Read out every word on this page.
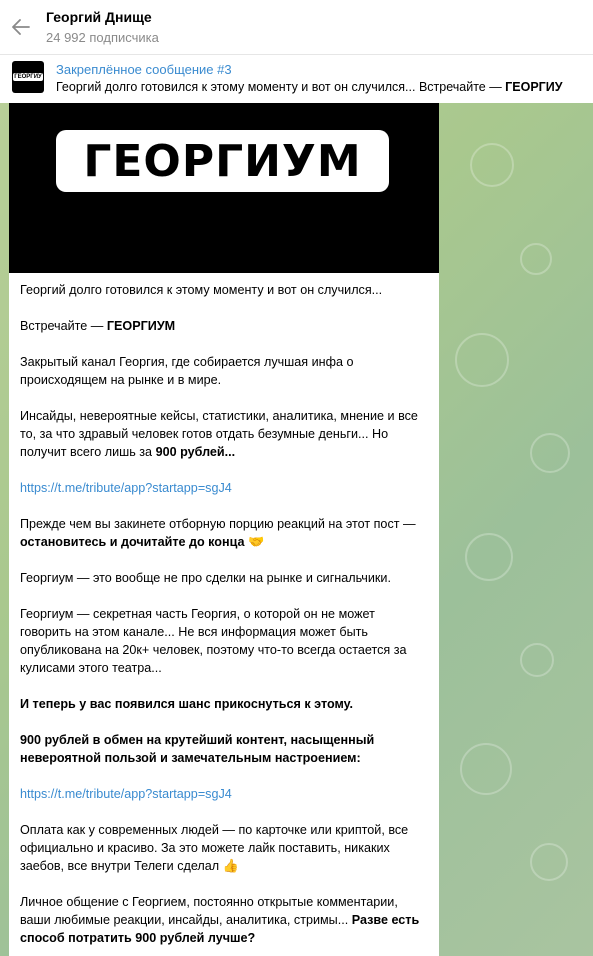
Георгий Днище
24 992 подписчика
ГЕОРГИУ Закреплённое сообщение #3
Георгий долго готовился к этому моменту и вот он случился... Встречайте — ГЕОРГИУ
ГЕОРГИУМ

Георгий долго готовился к этому моменту и вот он случился...

Встречайте — ГЕОРГИУМ

Закрытый канал Георгия, где собирается лучшая инфа о происходящем на рынке и в мире.

Инсайды, невероятные кейсы, статистики, аналитика, мнение и все то, за что здравый человек готов отдать безумные деньги... Но получит всего лишь за 900 рублей...

https://t.me/tribute/app?startapp=sgJ4

Прежде чем вы закинете отборную порцию реакций на этот пост — остановитесь и дочитайте до конца 🤝

Георгиум — это вообще не про сделки на рынке и сигнальчики.

Георгиум — секретная часть Георгия, о которой он не может говорить на этом канале... Не вся информация может быть опубликована на 20к+ человек, поэтому что-то всегда остается за кулисами этого театра...

И теперь у вас появился шанс прикоснуться к этому.

900 рублей в обмен на крутейший контент, насыщенный невероятной пользой и замечательным настроением:

https://t.me/tribute/app?startapp=sgJ4

Оплата как у современных людей — по карточке или криптой, все официально и красиво. За это можете лайк поставить, никаких заебов, все внутри Телеги сделал 👍

Личное общение с Георгием, постоянно открытые комментарии, ваши любимые реакции, инсайды, аналитика, стримы... Разве есть способ потратить 900 рублей лучше?
